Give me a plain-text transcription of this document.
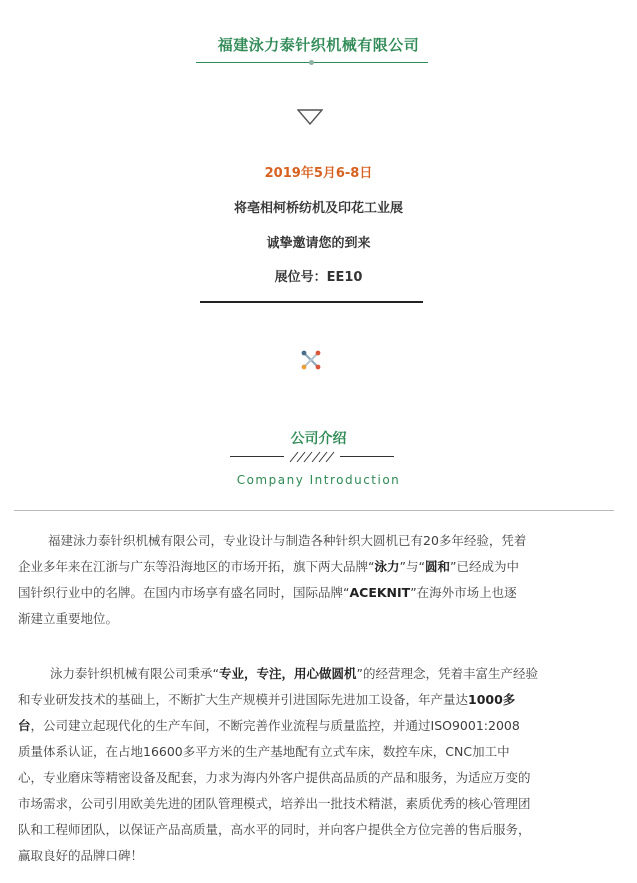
福建泳力泰针织机械有限公司
2019年5月6-8日
将亳相柯桥纺机及印花工业展
诚挚邀请您的到来
展位号：EE10
公司介绍
Company Introduction
福建泳力泰针织机械有限公司，专业设计与制造各种针织大圆机已有20多年经验，凭着
企业多年来在江浙与广东等沿海地区的市场开拓，旗下两大品牌“泳力”与“圆和”已经成为中
国针织行业中的名牌。在国内市场享有盛名同时，国际品牌“ACEKNIT”在海外市场上也逐
渐建立重要地位。
泳力泰针织机械有限公司秉承“专业，专注，用心做圆机”的经营理念，凭着丰富生产经验
和专业研发技术的基础上，不断扩大生产规模并引进国际先进加工设备，年产量达1000多
台，公司建立起现代化的生产车间，不断完善作业流程与质量监控，并通过ISO9001:2008
质量体系认证，在占地16600多平方米的生产基地配有立式车床，数控车床，CNC加工中
心，专业磨床等精密设备及配套，力求为海内外客户提供高品质的产品和服务，为适应万变的
市场需求，公司引用欧美先进的团队管理模式，培养出一批技术精湛，素质优秀的核心管理团
队和工程师团队，以保证产品高质量，高水平的同时，并向客户提供全方位完善的售后服务，
赢取良好的品牌口碑！
